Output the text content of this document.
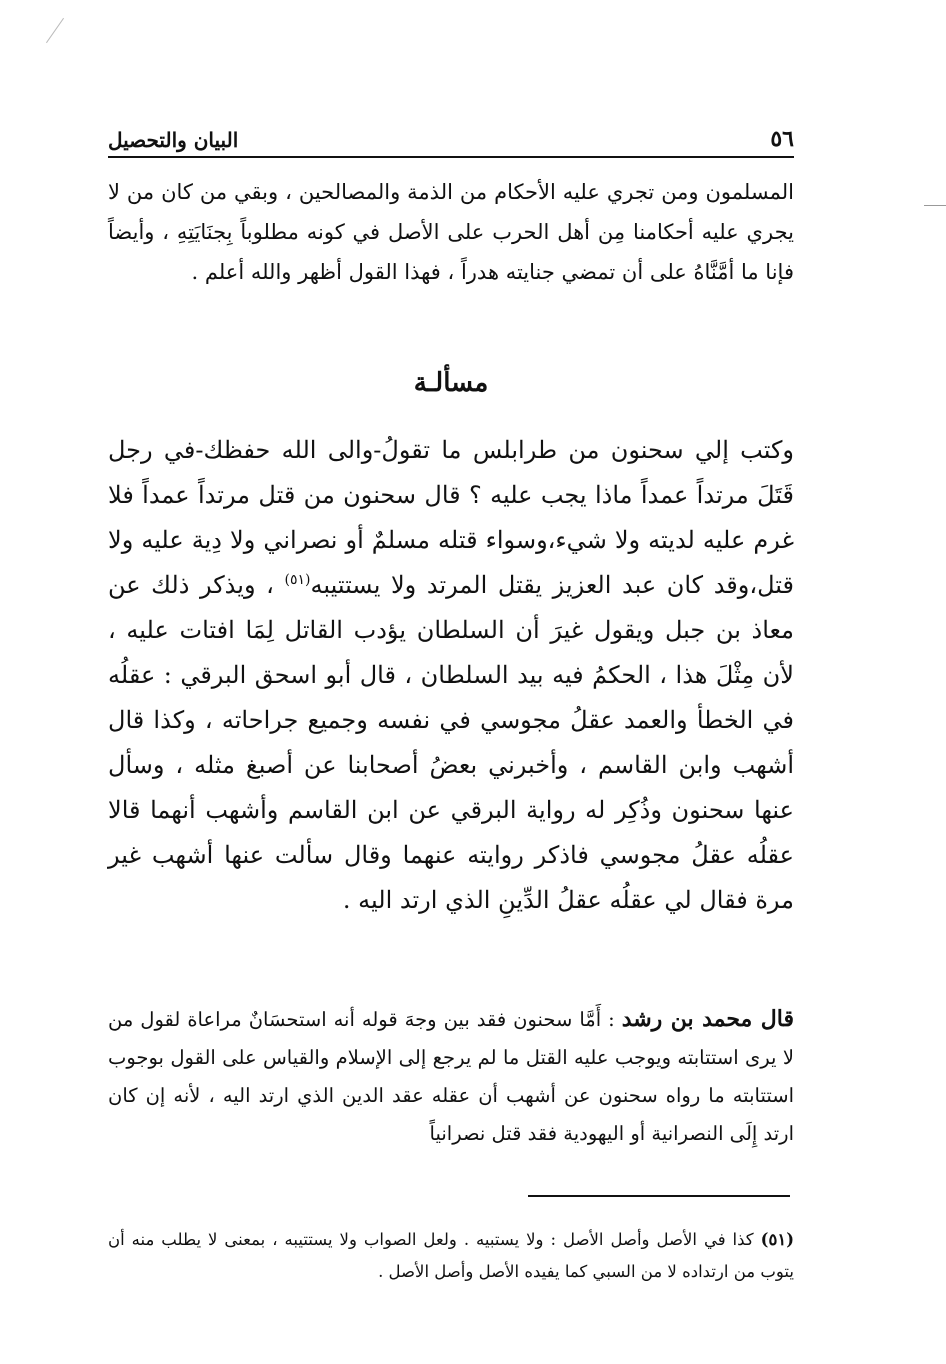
٥٦
البيان والتحصيل

المسلمون ومن تجري عليه الأحكام من الذمة والمصالحين ، وبقي من كان من لا يجري عليه أحكامنا مِن أهل الحرب على الأصل في كونه مطلوباً بِجنَايَتِهِ ، وأيضاً فإنا ما أمَّنَّاهُ على أن تمضي جنايته هدراً ، فهذا القول أظهر والله أعلم .

مسألـة

وكتب إلي سحنون من طرابلس ما تقولُ-والى الله حفظك-في رجل قَتَلَ مرتداً عمداً ماذا يجب عليه ؟ قال سحنون من قتل مرتداً عمداً فلا غرم عليه لديته ولا شيء،وسواء قتله مسلمٌ أو نصراني ولا دِية عليه ولا قتل،وقد كان عبد العزيز يقتل المرتد ولا يستتيبه$^{(٥١)}$ ، ويذكر ذلك عن معاذ بن جبل ويقول غيرَ أن السلطان يؤدب القاتل لِمَا افتات عليه ، لأن مِثْلَ هذا ، الحكمُ فيه بيد السلطان ، قال أبو اسحق البرقي : عقلُه في الخطأ والعمد عقلُ مجوسي في نفسه وجميع جراحاته ، وكذا قال أشهب وابن القاسم ، وأخبرني بعضُ أصحابنا عن أصبغ مثله ، وسأل عنها سحنون وذُكِر له رواية البرقي عن ابن القاسم وأشهب أنهما قالا عقلُه عقلُ مجوسي فاذكر روايته عنهما وقال سألت عنها أشهب غير مرة فقال لي عقلُه عقلُ الدِّينِ الذي ارتد اليه .

قال محمد بن رشد : أَمَّا سحنون فقد بين وجهَ قوله أنه استحسَانٌ مراعاة لقول من لا يرى استتابته ويوجب عليه القتل ما لم يرجع إلى الإسلام والقياس على القول بوجوب استتابته ما رواه سحنون عن أشهب أن عقله عقد الدين الذي ارتد اليه ، لأنه إن كان ارتد إِلَى النصرانية أو اليهودية فقد قتل نصرانياً

(٥١) كذا في الأصل وأصل الأصل : ولا يستبيه . ولعل الصواب ولا يستتيبه ، بمعنى لا يطلب منه أن يتوب من ارتداده لا من السبي كما يفيده الأصل وأصل الأصل .
